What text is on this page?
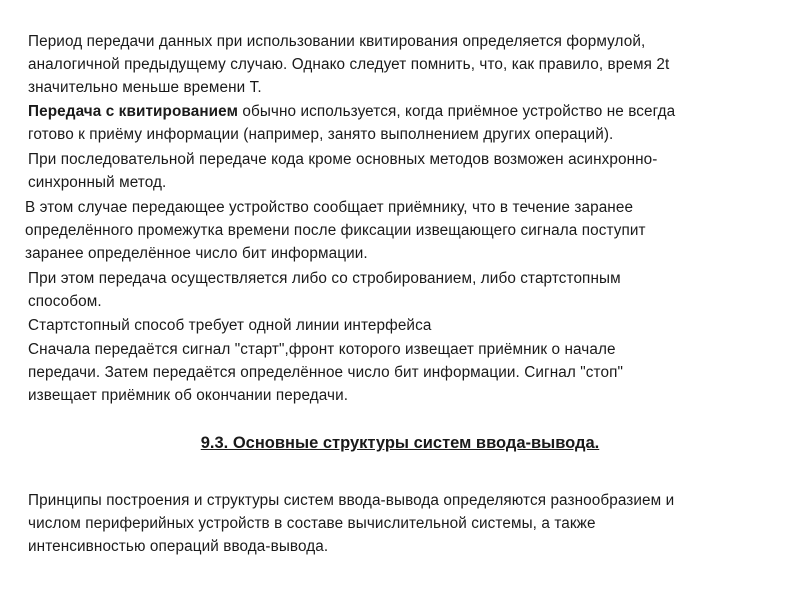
Период передачи данных при использовании квитирования определяется формулой,
аналогичной предыдущему случаю. Однако следует помнить, что, как правило, время 2t
значительно меньше времени Т.
Передача с квитированием обычно используется, когда приёмное устройство не всегда
готово к приёму информации (например, занято выполнением других операций).
При последовательной передаче кода кроме основных методов возможен асинхронно-
синхронный метод.
В этом случае передающее устройство сообщает приёмнику, что в течение заранее
определённого промежутка времени после фиксации извещающего сигнала поступит
заранее определённое число бит информации.
При этом передача осуществляется либо со стробированием, либо стартстопным
способом.
Стартстопный способ требует одной линии интерфейса
Сначала передаётся сигнал "старт",фронт которого извещает приёмник о начале
передачи. Затем передаётся определённое число бит информации. Сигнал "стоп"
извещает приёмник об окончании передачи.
9.3. Основные структуры систем ввода-вывода.
Принципы построения и структуры систем ввода-вывода определяются разнообразием и
числом периферийных устройств в составе вычислительной системы, а также
интенсивностью операций ввода-вывода.
